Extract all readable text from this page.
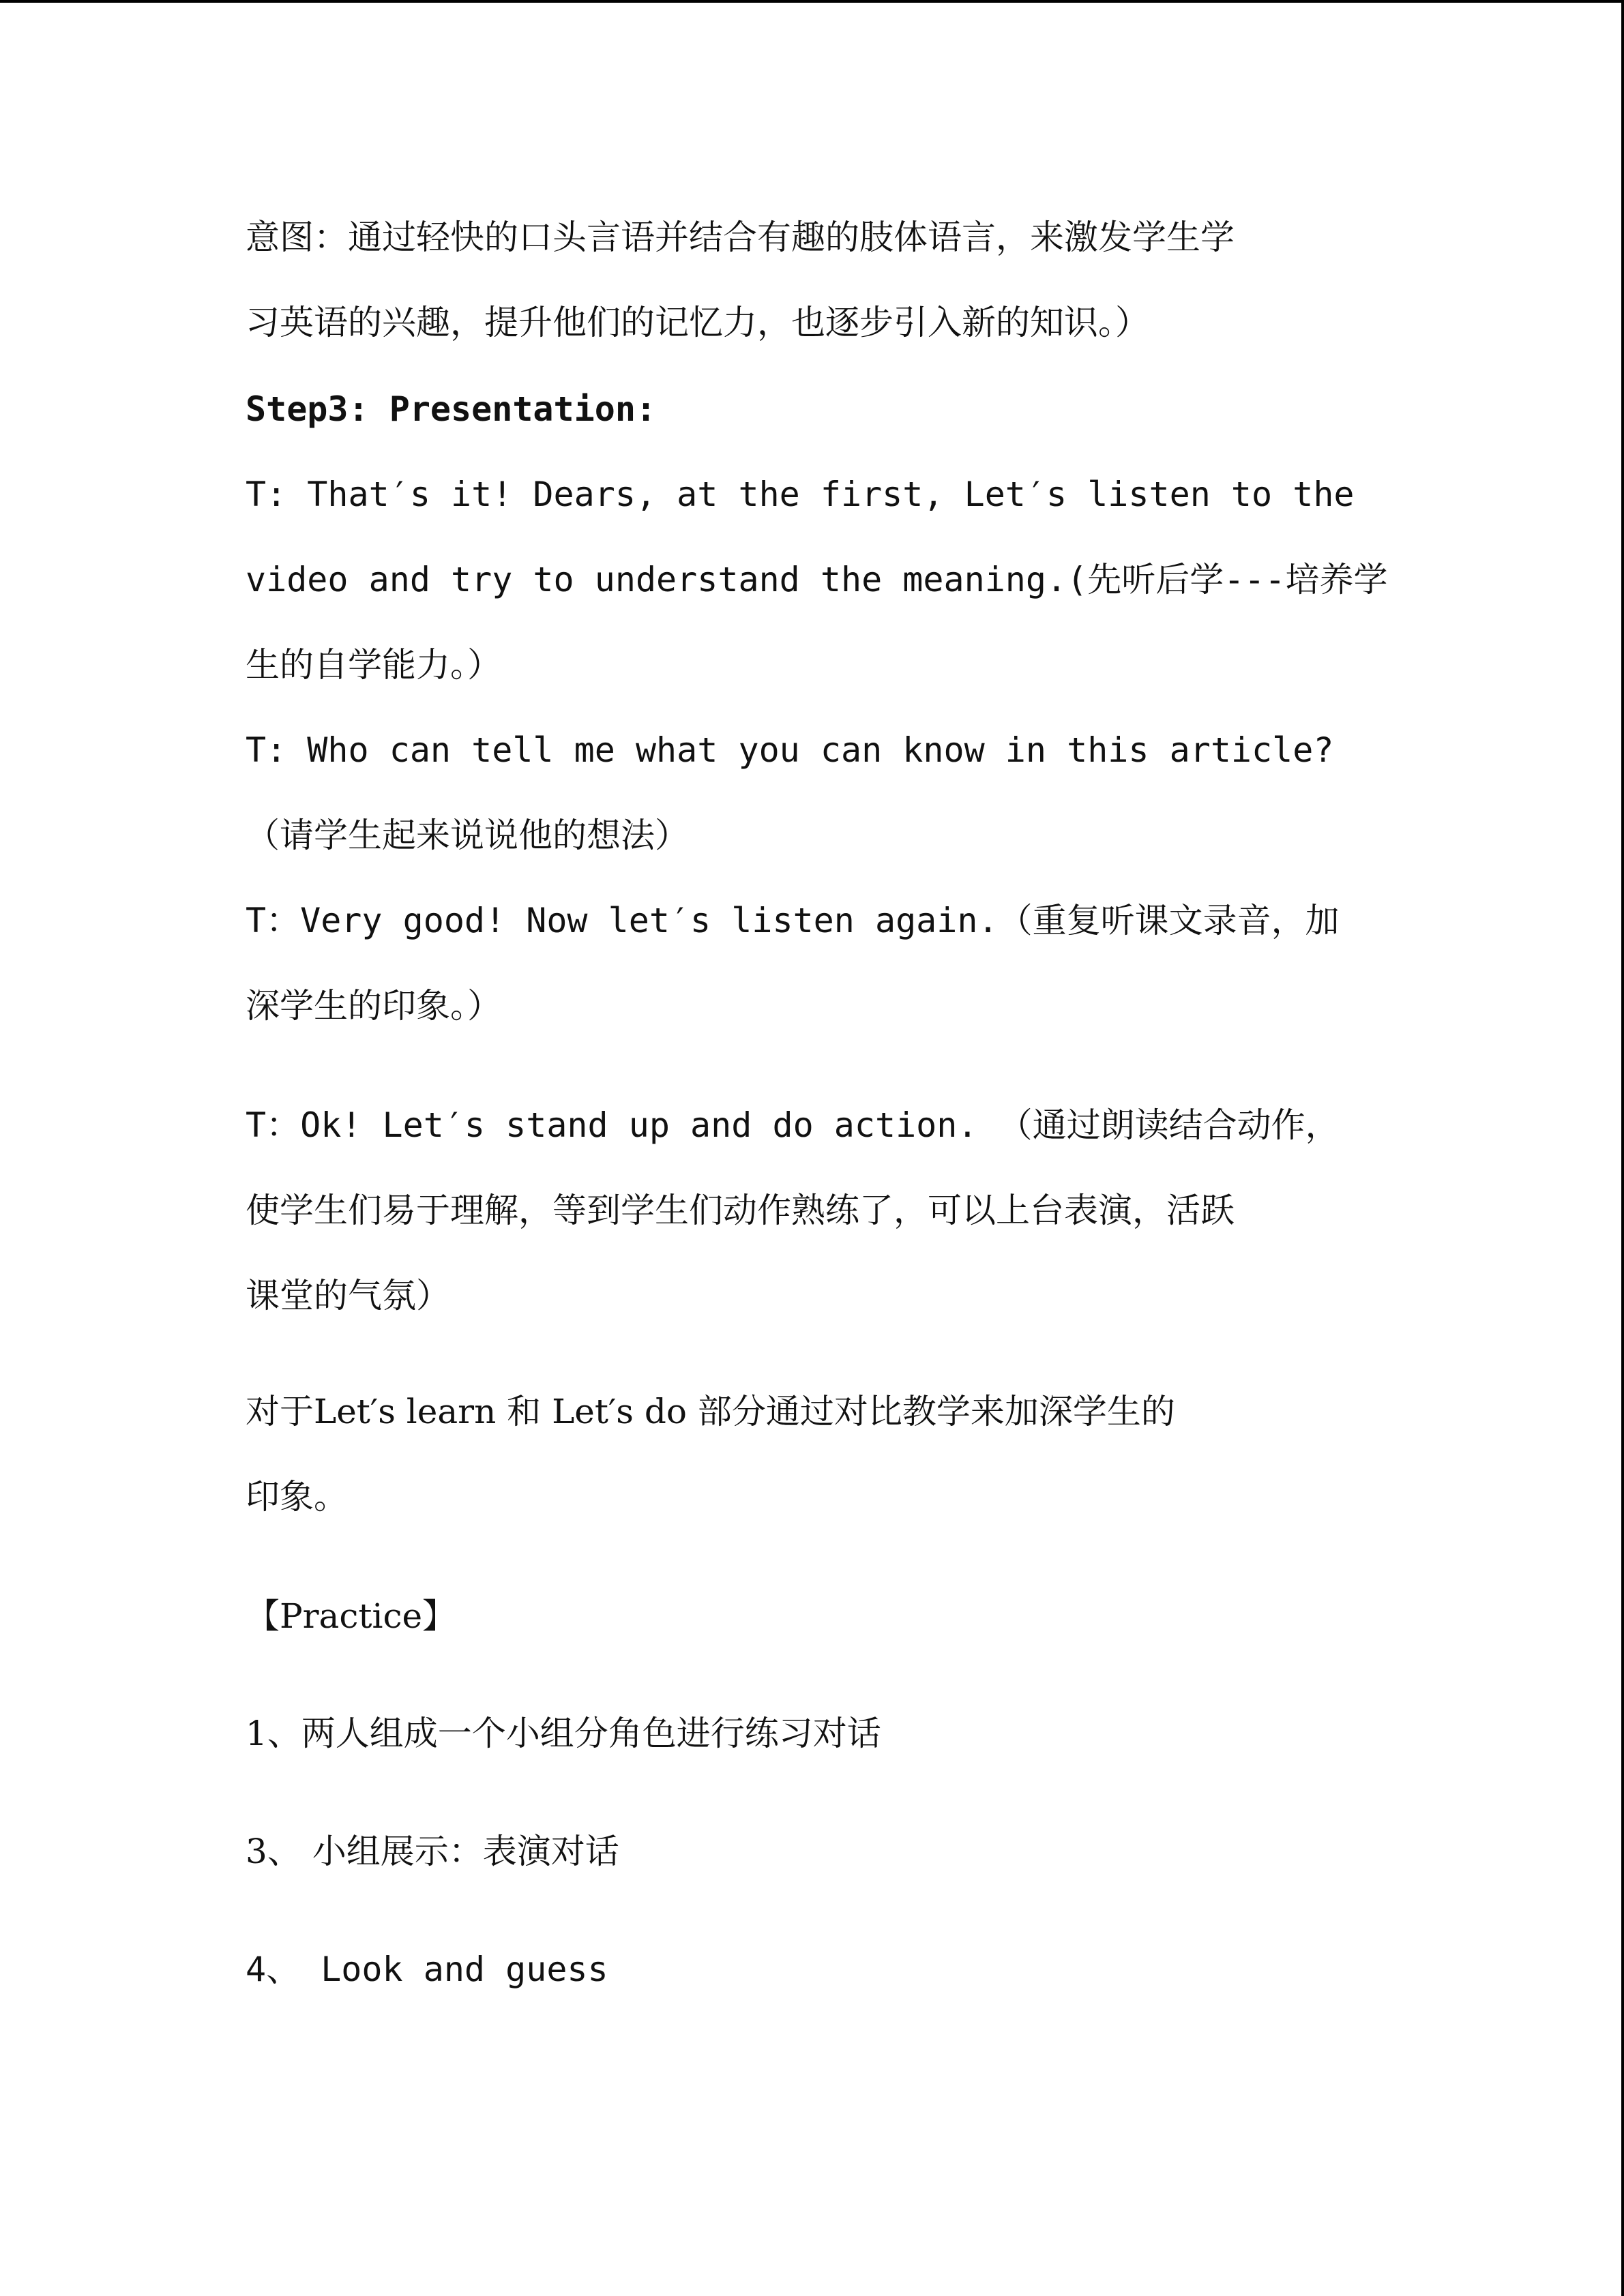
意图：通过轻快的口头言语并结合有趣的肢体语言，来激发学生学
习英语的兴趣，提升他们的记忆力，也逐步引入新的知识。）
Step3: Presentation:
T: That′s it! Dears, at the first, Let′s listen to the
video and try to understand the meaning.(先听后学---培养学
生的自学能力。）
T: Who can tell me what you can know in this article?
（请学生起来说说他的想法）
T：Very good! Now let′s listen again.（重复听课文录音，加
深学生的印象。）
T：Ok! Let′s stand up and do action. （通过朗读结合动作，
使学生们易于理解，等到学生们动作熟练了，可以上台表演，活跃
课堂的气氛）
对于Let′s learn 和 Let′s do 部分通过对比教学来加深学生的
印象。
【Practice】
1、两人组成一个小组分角色进行练习对话
3、 小组展示：表演对话
4、 Look and guess
